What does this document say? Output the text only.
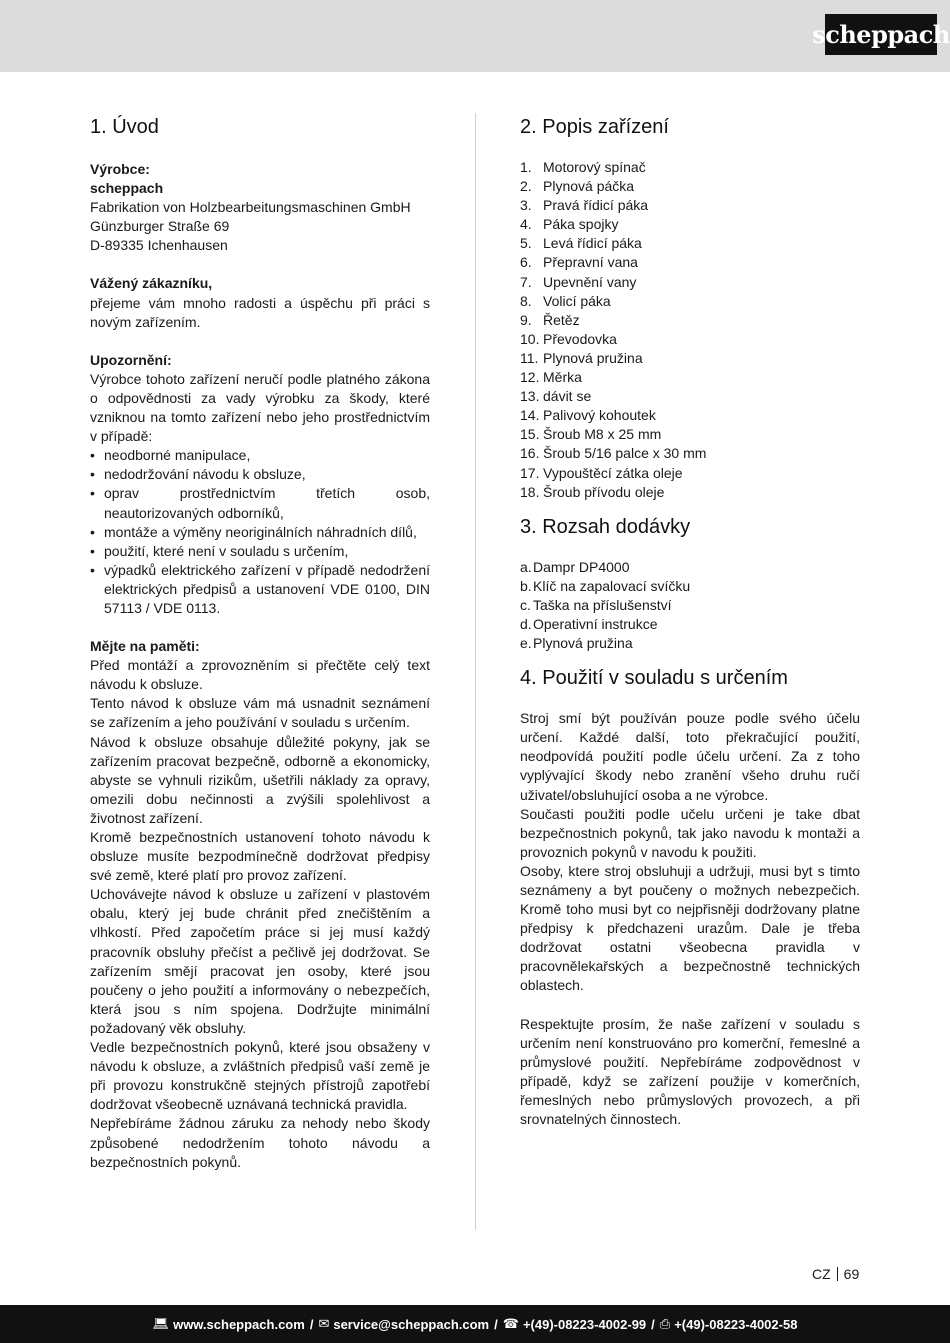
scheppach
1. Úvod

Výrobce:

scheppach

Fabrikation von Holzbearbeitungsmaschinen GmbH

Günzburger Straße 69

D-89335 Ichenhausen

Vážený zákazníku,

přejeme vám mnoho radosti a úspěchu při práci s novým zařízením.

Upozornění:

Výrobce tohoto zařízení neručí podle platného zákona o odpovědnosti za vady výrobku za škody, které vzniknou na tomto zařízení nebo jeho prostřednictvím v případě:

• neodborné manipulace,
• nedodržování návodu k obsluze,
• oprav prostřednictvím třetích osob, neautorizovaných odborníků,
• montáže a výměny neoriginálních náhradních dílů,
• použití, které není v souladu s určením,
• výpadků elektrického zařízení v případě nedodržení elektrických předpisů a ustanovení VDE 0100, DIN 57113 / VDE 0113.

Mějte na paměti:

Před montáží a zprovozněním si přečtěte celý text návodu k obsluze.

Tento návod k obsluze vám má usnadnit seznámení se zařízením a jeho používání v souladu s určením.

Návod k obsluze obsahuje důležité pokyny, jak se zařízením pracovat bezpečně, odborně a ekonomicky, abyste se vyhnuli rizikům, ušetřili náklady za opravy, omezili dobu nečinnosti a zvýšili spolehlivost a životnost zařízení.

Kromě bezpečnostních ustanovení tohoto návodu k obsluze musíte bezpodmínečně dodržovat předpisy své země, které platí pro provoz zařízení.

Uchovávejte návod k obsluze u zařízení v plastovém obalu, který jej bude chránit před znečištěním a vlhkostí. Před započetím práce si jej musí každý pracovník obsluhy přečíst a pečlivě jej dodržovat. Se zařízením smějí pracovat jen osoby, které jsou poučeny o jeho použití a informovány o nebezpečích, která jsou s ním spojena. Dodržujte minimální požadovaný věk obsluhy.

Vedle bezpečnostních pokynů, které jsou obsaženy v návodu k obsluze, a zvláštních předpisů vaší země je při provozu konstrukčně stejných přístrojů zapotřebí dodržovat všeobecně uznávaná technická pravidla.

Nepřebíráme žádnou záruku za nehody nebo škody způsobené nedodržením tohoto návodu a bezpečnostních pokynů.

2. Popis zařízení
1. Motorový spínač
2. Plynová páčka
3. Pravá řídicí páka
4. Páka spojky
5. Levá řídicí páka
6. Přepravní vana
7. Upevnění vany
8. Volicí páka
9. Řetěz
10. Převodovka
11. Plynová pružina
12. Měrka
13. dávit se
14. Palivový kohoutek
15. Šroub M8 x 25 mm
16. Šroub 5/16 palce x 30 mm
17. Vypouštěcí zátka oleje
18. Šroub přívodu oleje
3. Rozsah dodávky
a. Dampr DP4000
b. Klíč na zapalovací svíčku
c. Taška na příslušenství
d. Operativní instrukce
e. Plynová pružina
4. Použití v souladu s určením

Stroj smí být používán pouze podle svého účelu určení. Každé další, toto překračující použití, neodpovídá použití podle účelu určení. Za z toho vyplývající škody nebo zranění všeho druhu ručí uživatel/obsluhující osoba a ne výrobce.

Současti použiti podle učelu určeni je take dbat bezpečnostnich pokynů, tak jako navodu k montaži a provoznich pokynů v navodu k použiti.

Osoby, ktere stroj obsluhuji a udržuji, musi byt s timto seznámeny a byt poučeny o možnych nebezpečich. Kromě toho musi byt co nejpřisněji dodržovany platne předpisy k předchazeni urazům. Dale je třeba dodržovat ostatni všeobecna pravidla v pracovnělekařských a bezpečnostně technických oblastech.

Respektujte prosím, že naše zařízení v souladu s určením není konstruováno pro komerční, řemeslné a průmyslové použití. Nepřebíráme zodpovědnost v případě, když se zařízení použije v komerčních, řemeslných nebo průmyslových provozech, a při srovnatelných činnostech.

CZ 69
💻︎ www.scheppach.com / ✉︎ service@scheppach.com / ☎︎ +(49)-08223-4002-99 / ⎙ +(49)-08223-4002-58
